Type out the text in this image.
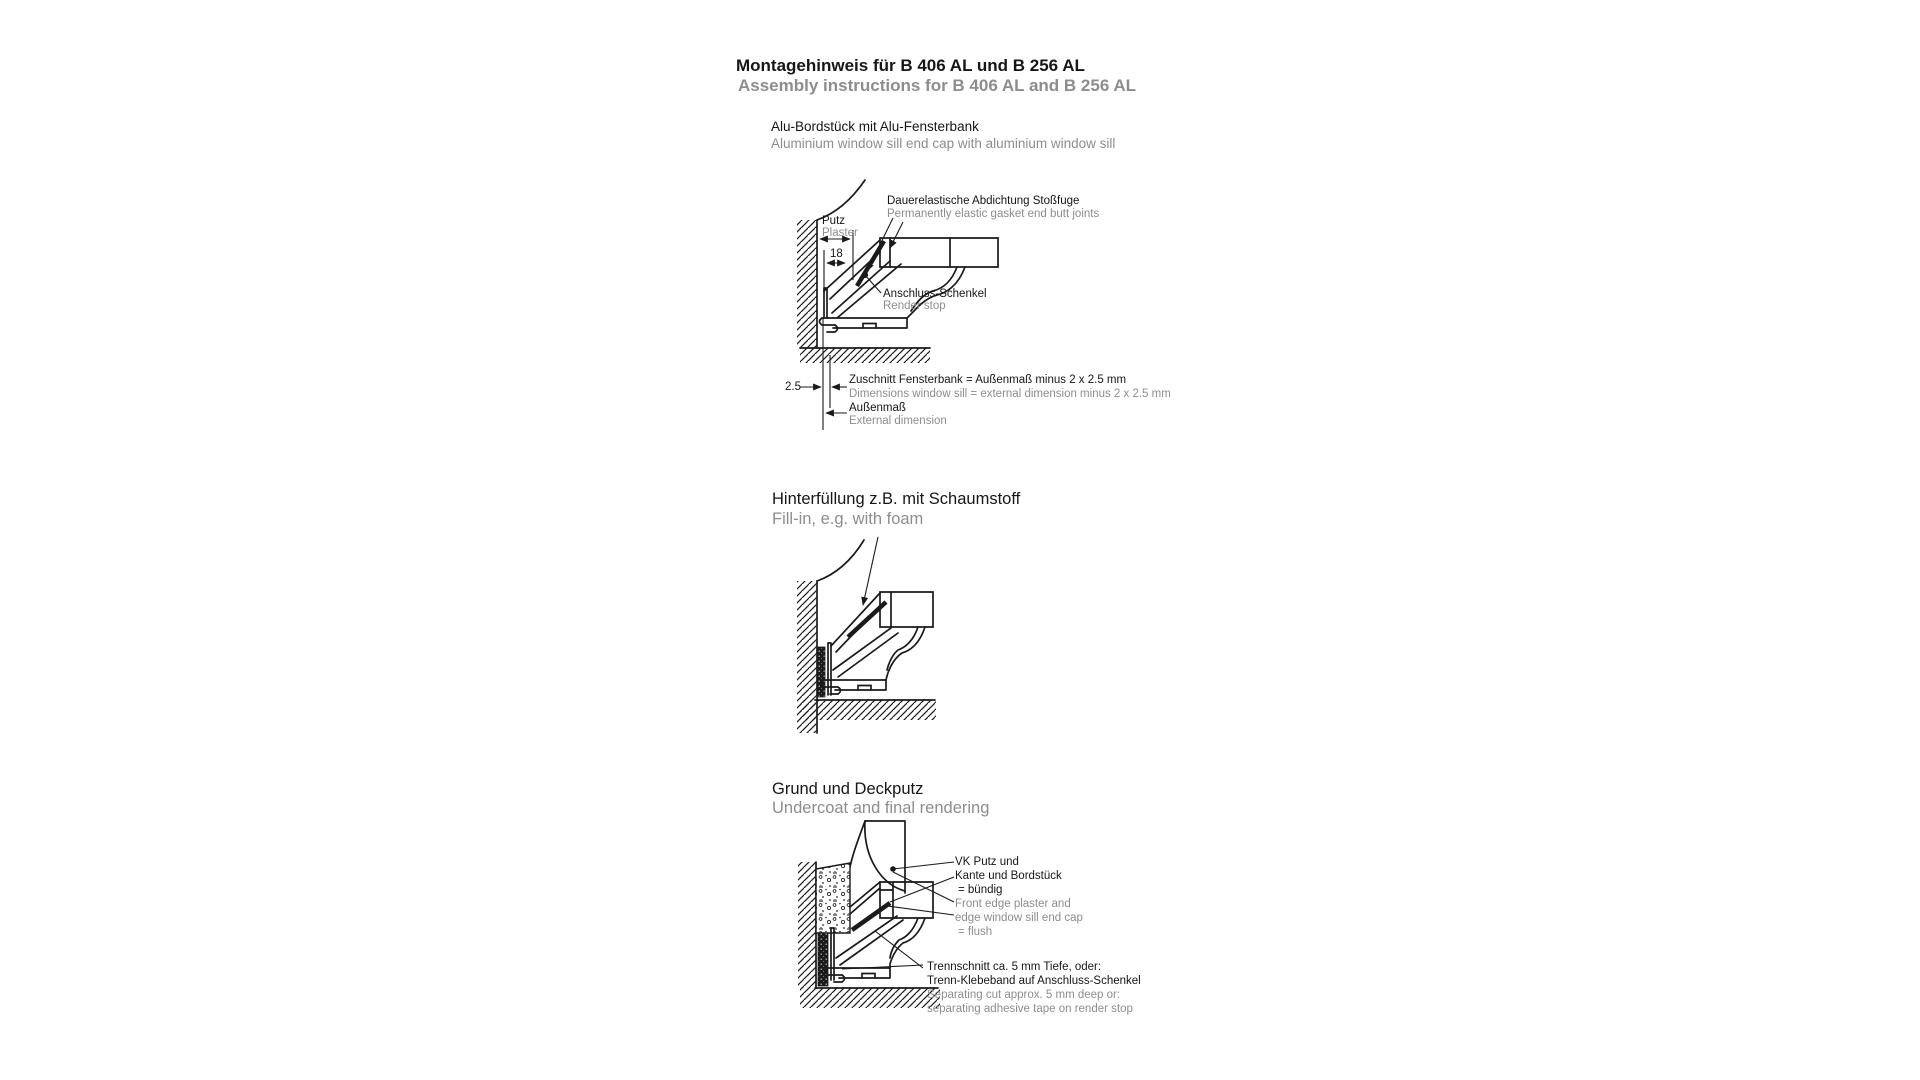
Montagehinweis für B 406 AL und B 256 AL
Assembly instructions for B 406 AL and B 256 AL
Alu-Bordstück mit Alu-Fensterbank
Aluminium window sill end cap with aluminium window sill
Putz
Plaster
18
Dauerelastische Abdichtung Stoßfuge
Permanently elastic gasket end butt joints
Anschluss-Schenkel
Render stop
2.5
Zuschnitt Fensterbank = Außenmaß minus 2 x 2.5 mm
Dimensions window sill = external dimension minus 2 x 2.5 mm
Außenmaß
External dimension
Hinterfüllung z.B. mit Schaumstoff
Fill-in, e.g. with foam
Grund und Deckputz
Undercoat and final rendering
VK Putz und
Kante und Bordstück
= bündig
Front edge plaster and
edge window sill end cap
= flush
Trennschnitt ca. 5 mm Tiefe, oder:
Trenn-Klebeband auf Anschluss-Schenkel
Separating cut approx. 5 mm deep or:
separating adhesive tape on render stop
